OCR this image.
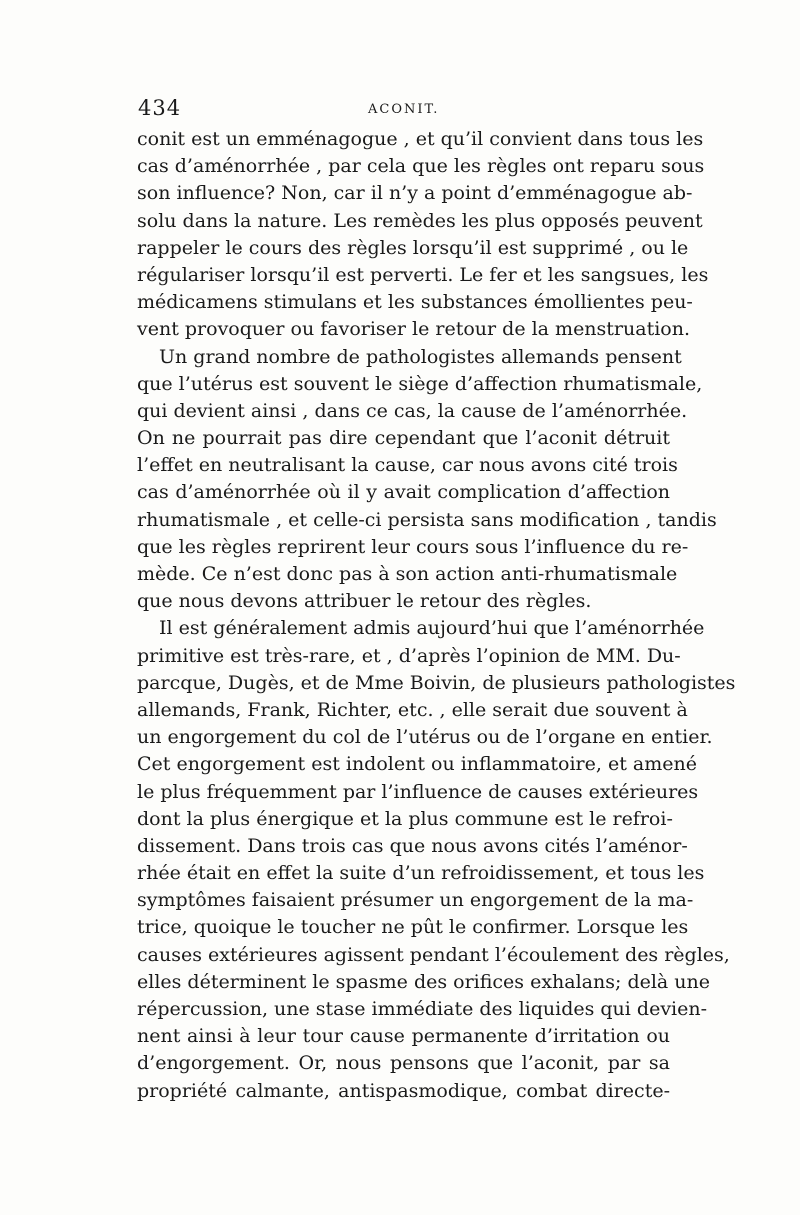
434	ACONIT.
conit est un emménagogue , et qu’il convient dans tous les
cas d’aménorrhée , par cela que les règles ont reparu sous
son influence? Non, car il n’y a point d’emménagogue ab-
solu dans la nature. Les remèdes les plus opposés peuvent
rappeler le cours des règles lorsqu’il est supprimé , ou le
régulariser lorsqu’il est perverti. Le fer et les sangsues, les
médicamens stimulans et les substances émollientes peu-
vent provoquer ou favoriser le retour de la menstruation.
Un grand nombre de pathologistes allemands pensent
que l’utérus est souvent le siège d’affection rhumatismale,
qui devient ainsi , dans ce cas, la cause de l’aménorrhée.
On ne pourrait pas dire cependant que l’aconit détruit
l’effet en neutralisant la cause, car nous avons cité trois
cas d’aménorrhée où il y avait complication d’affection
rhumatismale , et celle-ci persista sans modification , tandis
que les règles reprirent leur cours sous l’influence du re-
mède. Ce n’est donc pas à son action anti-rhumatismale
que nous devons attribuer le retour des règles.
Il est généralement admis aujourd’hui que l’aménorrhée
primitive est très-rare, et , d’après l’opinion de MM. Du-
parcque, Dugès, et de Mme Boivin, de plusieurs pathologistes
allemands, Frank, Richter, etc. , elle serait due souvent à
un engorgement du col de l’utérus ou de l’organe en entier.
Cet engorgement est indolent ou inflammatoire, et amené
le plus fréquemment par l’influence de causes extérieures
dont la plus énergique et la plus commune est le refroi-
dissement. Dans trois cas que nous avons cités l’aménor-
rhée était en effet la suite d’un refroidissement, et tous les
symptômes faisaient présumer un engorgement de la ma-
trice, quoique le toucher ne pût le confirmer. Lorsque les
causes extérieures agissent pendant l’écoulement des règles,
elles déterminent le spasme des orifices exhalans; delà une
répercussion, une stase immédiate des liquides qui devien-
nent ainsi à leur tour cause permanente d’irritation ou
d’engorgement. Or, nous pensons que l’aconit, par sa
propriété calmante, antispasmodique, combat directe-
